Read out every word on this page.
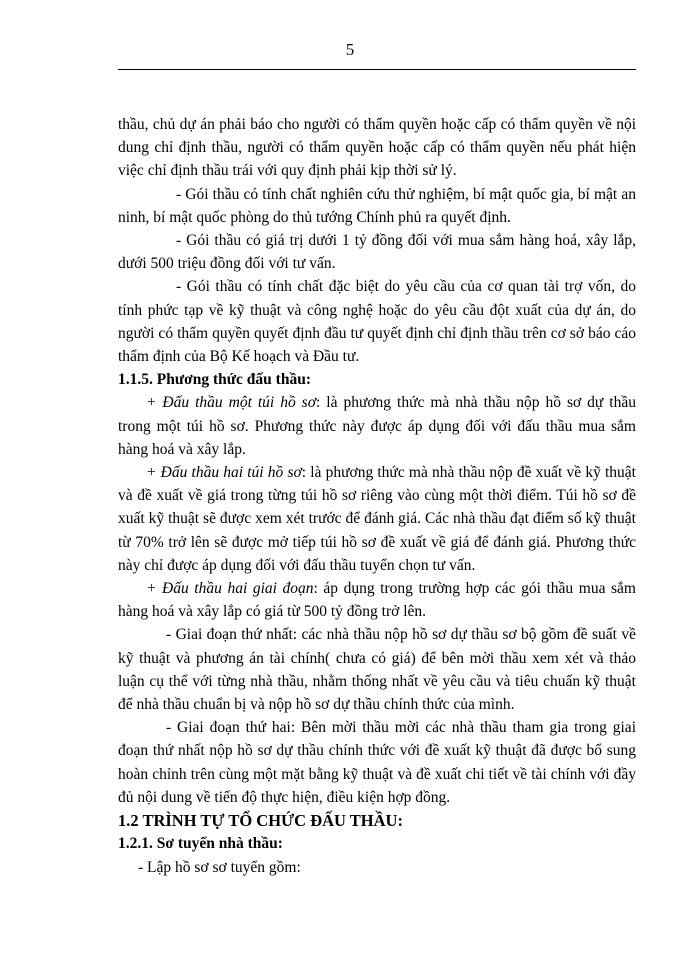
5

thầu, chủ dự án phải báo cho người có thẩm quyền hoặc cấp có thẩm quyền về nội dung chỉ định thầu, người có thẩm quyền hoặc cấp có thẩm quyền nếu phát hiện việc chỉ định thầu trái với quy định phải kịp thời sử lý.

- Gói thầu có tính chất nghiên cứu thử nghiệm, bí mật quốc gia, bí mật an ninh, bí mật quốc phòng do thủ tướng Chính phủ ra quyết định.

- Gói thầu có giá trị dưới 1 tỷ đồng đối với mua sắm hàng hoá, xây lắp, dưới 500 triệu đồng đối với tư vấn.

- Gói thầu có tính chất đặc biệt do yêu cầu của cơ quan tài trợ vốn, do tính phức tạp về kỹ thuật và công nghệ hoặc do yêu cầu đột xuất của dự án, do người có thẩm quyền quyết định đầu tư quyết định chỉ định thầu trên cơ sở báo cáo thẩm định của Bộ Kế hoạch và Đầu tư.

1.1.5. Phương thức đấu thầu:

+ Đấu thầu một túi hồ sơ: là phương thức mà nhà thầu nộp hồ sơ dự thầu trong một túi hồ sơ. Phương thức này được áp dụng đối với đấu thầu mua sắm hàng hoá và xây lắp.

+ Đấu thầu hai túi hồ sơ: là phương thức mà nhà thầu nộp đề xuất về kỹ thuật và đề xuất về giá trong từng túi hồ sơ riêng vào cùng một thời điểm. Túi hồ sơ đề xuất kỹ thuật sẽ được xem xét trước để đánh giá. Các nhà thầu đạt điểm số kỹ thuật từ 70% trở lên sẽ được mở tiếp túi hồ sơ đề xuất về giá để đánh giá. Phương thức này chỉ được áp dụng đối với đấu thầu tuyển chọn tư vấn.

+ Đấu thầu hai giai đoạn: áp dụng trong trường hợp các gói thầu mua sắm hàng hoá và xây lắp có giá từ 500 tỷ đồng trở lên.

- Giai đoạn thứ nhất: các nhà thầu nộp hồ sơ dự thầu sơ bộ gồm đề suất về kỹ thuật và phương án tài chính( chưa có giá) để bên mời thầu xem xét và thảo luận cụ thể với từng nhà thầu, nhằm thống nhất về yêu cầu và tiêu chuẩn kỹ thuật để nhà thầu chuẩn bị và nộp hồ sơ dự thầu chính thức của mình.

- Giai đoạn thứ hai: Bên mời thầu mời các nhà thầu tham gia trong giai đoạn thứ nhất nộp hồ sơ dự thầu chính thức với đề xuất kỹ thuật đã được bổ sung hoàn chỉnh trên cùng một mặt bằng kỹ thuật và đề xuất chi tiết về tài chính với đầy đủ nội dung về tiến độ thực hiện, điều kiện hợp đồng.

1.2 TRÌNH TỰ TỔ CHỨC ĐẤU THẦU:

1.2.1. Sơ tuyển nhà thầu:

- Lập hồ sơ sơ tuyển gồm:
